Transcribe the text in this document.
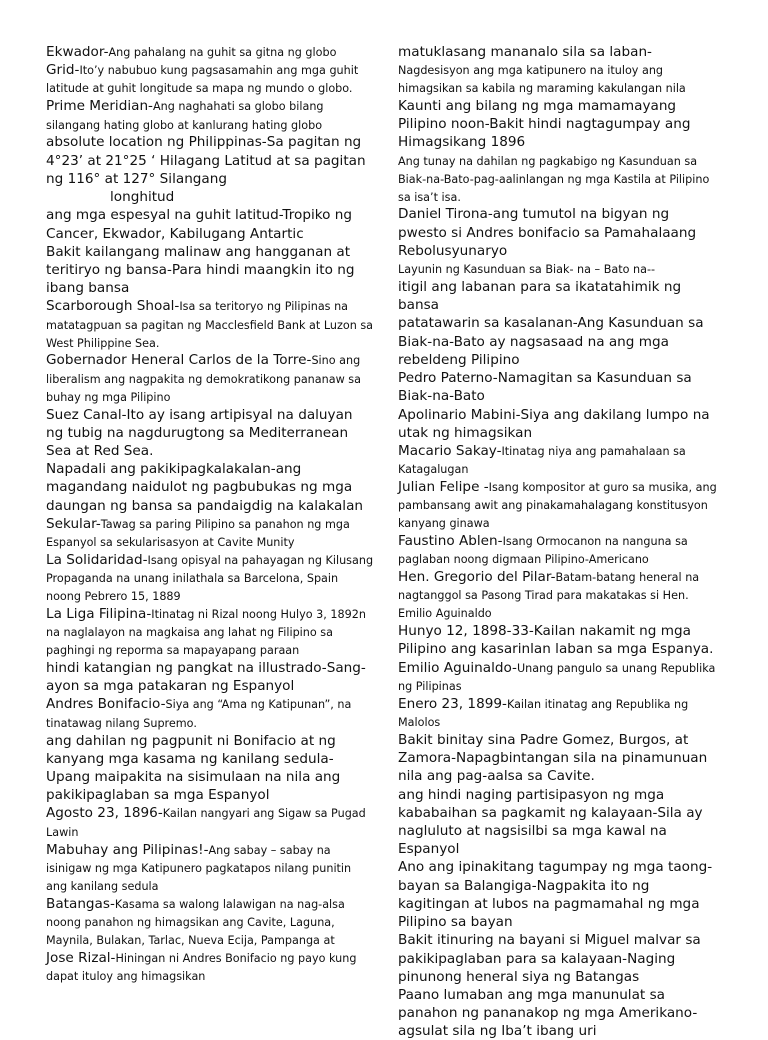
Ekwador-Ang pahalang na guhit sa gitna ng globo

Grid-Ito’y nabubuo kung pagsasamahin ang mga guhit latitude at guhit longitude sa mapa ng mundo o globo.

Prime Meridian-Ang naghahati sa globo bilang silangang hating globo at kanlurang hating globo

absolute location ng Philippinas-Sa pagitan ng 4°23’ at 21°25 ‘ Hilagang Latitud at sa pagitan ng 116° at 127° Silangang

longhitud

ang mga espesyal na guhit latitud-Tropiko ng Cancer, Ekwador, Kabilugang Antartic

Bakit kailangang malinaw ang hangganan at teritiryo ng bansa-Para hindi maangkin ito ng ibang bansa

Scarborough Shoal-Isa sa teritoryo ng Pilipinas na matatagpuan sa pagitan ng Macclesfield Bank at Luzon sa West Philippine Sea.

Gobernador Heneral Carlos de la Torre-Sino ang liberalism ang nagpakita ng demokratikong pananaw sa buhay ng mga Pilipino

Suez Canal-Ito ay isang artipisyal na daluyan ng tubig na nagdurugtong sa Mediterranean Sea at Red Sea.

Napadali ang pakikipagkalakalan-ang magandang naidulot ng pagbubukas ng mga daungan ng bansa sa pandaigdig na kalakalan

Sekular-Tawag sa paring Pilipino sa panahon ng mga Espanyol sa sekularisasyon at Cavite Munity

La Solidaridad-Isang opisyal na pahayagan ng Kilusang Propaganda na unang inilathala sa Barcelona, Spain noong Pebrero 15, 1889

La Liga Filipina-Itinatag ni Rizal noong Hulyo 3, 1892n na naglalayon na magkaisa ang lahat ng Filipino sa paghingi ng reporma sa mapayapang paraan

hindi katangian ng pangkat na illustrado-Sang-ayon sa mga patakaran ng Espanyol

Andres Bonifacio-Siya ang “Ama ng Katipunan”, na tinatawag nilang Supremo.

ang dahilan ng pagpunit ni Bonifacio at ng kanyang mga kasama ng kanilang sedula-Upang maipakita na sisimulaan na nila ang pakikipaglaban sa mga Espanyol

Agosto 23, 1896-Kailan nangyari ang Sigaw sa Pugad Lawin

Mabuhay ang Pilipinas!-Ang sabay – sabay na isinigaw ng mga Katipunero pagkatapos nilang punitin ang kanilang sedula

Batangas-Kasama sa walong lalawigan na nag-alsa noong panahon ng himagsikan ang Cavite, Laguna, Maynila, Bulakan, Tarlac, Nueva Ecija, Pampanga at

Jose Rizal-Hiningan ni Andres Bonifacio ng payo kung dapat ituloy ang himagsikan

matuklasang mananalo sila sa laban-Nagdesisyon ang mga katipunero na ituloy ang himagsikan sa kabila ng maraming kakulangan nila

Kaunti ang bilang ng mga mamamayang Pilipino noon-Bakit hindi nagtagumpay ang Himagsikang 1896

Ang tunay na dahilan ng pagkabigo ng Kasunduan sa Biak-na-Bato-pag-aalinlangan ng mga Kastila at Pilipino sa isa’t isa.

Daniel Tirona-ang tumutol na bigyan ng pwesto si Andres bonifacio sa Pamahalaang Rebolusyunaryo

Layunin ng Kasunduan sa Biak- na – Bato na--

itigil ang labanan para sa ikatatahimik ng bansa

patatawarin sa kasalanan-Ang Kasunduan sa Biak-na-Bato ay nagsasaad na ang mga rebeldeng Pilipino

Pedro Paterno-Namagitan sa Kasunduan sa Biak-na-Bato

Apolinario Mabini-Siya ang dakilang lumpo na utak ng himagsikan

Macario Sakay-Itinatag niya ang pamahalaan sa Katagalugan

Julian Felipe -Isang kompositor at guro sa musika, ang pambansang awit ang pinakamahalagang konstitusyon kanyang ginawa

Faustino Ablen-Isang Ormocanon na nanguna sa paglaban noong digmaan Pilipino-Americano

Hen. Gregorio del Pilar-Batam-batang heneral na nagtanggol sa Pasong Tirad para makatakas si Hen. Emilio Aguinaldo

Hunyo 12, 1898-33-Kailan nakamit ng mga Pilipino ang kasarinlan laban sa mga Espanya.

Emilio Aguinaldo-Unang pangulo sa unang Republika ng Pilipinas

Enero 23, 1899-Kailan itinatag ang Republika ng Malolos

Bakit binitay sina Padre Gomez, Burgos, at Zamora-Napagbintangan sila na pinamunuan nila ang pag-aalsa sa Cavite.

ang hindi naging partisipasyon ng mga kababaihan sa pagkamit ng kalayaan-Sila ay nagluluto at nagsisilbi sa mga kawal na Espanyol

Ano ang ipinakitang tagumpay ng mga taong-bayan sa Balangiga-Nagpakita ito ng kagitingan at lubos na pagmamahal ng mga Pilipino sa bayan

Bakit itinuring na bayani si Miguel malvar sa pakikipaglaban para sa kalayaan-Naging pinunong heneral siya ng Batangas

Paano lumaban ang mga manunulat sa panahon ng pananakop ng mga Amerikano-agsulat sila ng Iba’t ibang uri
